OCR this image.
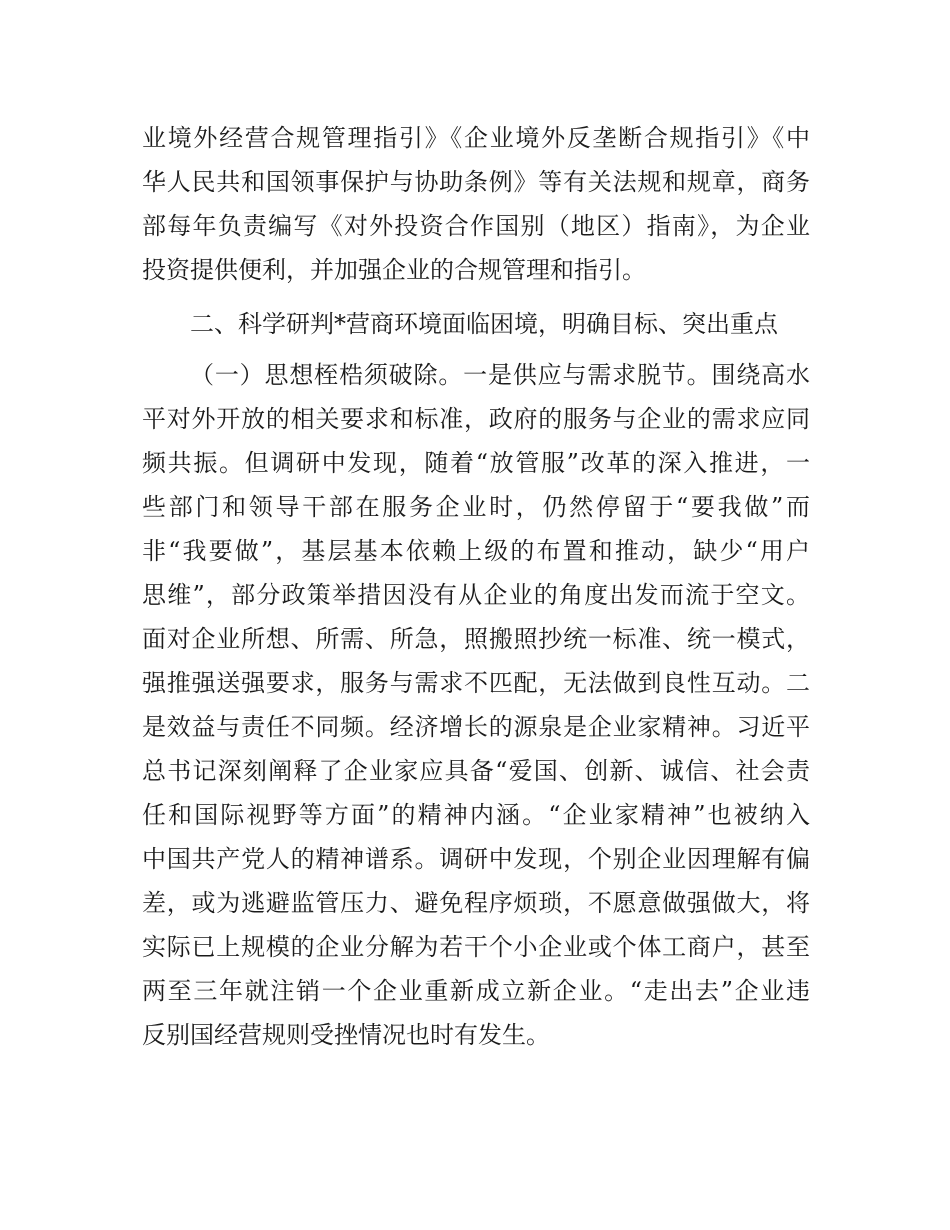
业境外经营合规管理指引》《企业境外反垄断合规指引》《中
华人民共和国领事保护与协助条例》等有关法规和规章，商务
部每年负责编写《对外投资合作国别（地区）指南》，为企业
投资提供便利，并加强企业的合规管理和指引。
二、科学研判*营商环境面临困境，明确目标、突出重点
（一）思想桎梏须破除。一是供应与需求脱节。围绕高水
平对外开放的相关要求和标准，政府的服务与企业的需求应同
频共振。但调研中发现，随着“放管服”改革的深入推进，一
些部门和领导干部在服务企业时，仍然停留于“要我做”而
非“我要做”，基层基本依赖上级的布置和推动，缺少“用户
思维”，部分政策举措因没有从企业的角度出发而流于空文。
面对企业所想、所需、所急，照搬照抄统一标准、统一模式，
强推强送强要求，服务与需求不匹配，无法做到良性互动。二
是效益与责任不同频。经济增长的源泉是企业家精神。习近平
总书记深刻阐释了企业家应具备“爱国、创新、诚信、社会责
任和国际视野等方面”的精神内涵。“企业家精神”也被纳入
中国共产党人的精神谱系。调研中发现，个别企业因理解有偏
差，或为逃避监管压力、避免程序烦琐，不愿意做强做大，将
实际已上规模的企业分解为若干个小企业或个体工商户，甚至
两至三年就注销一个企业重新成立新企业。“走出去”企业违
反别国经营规则受挫情况也时有发生。
